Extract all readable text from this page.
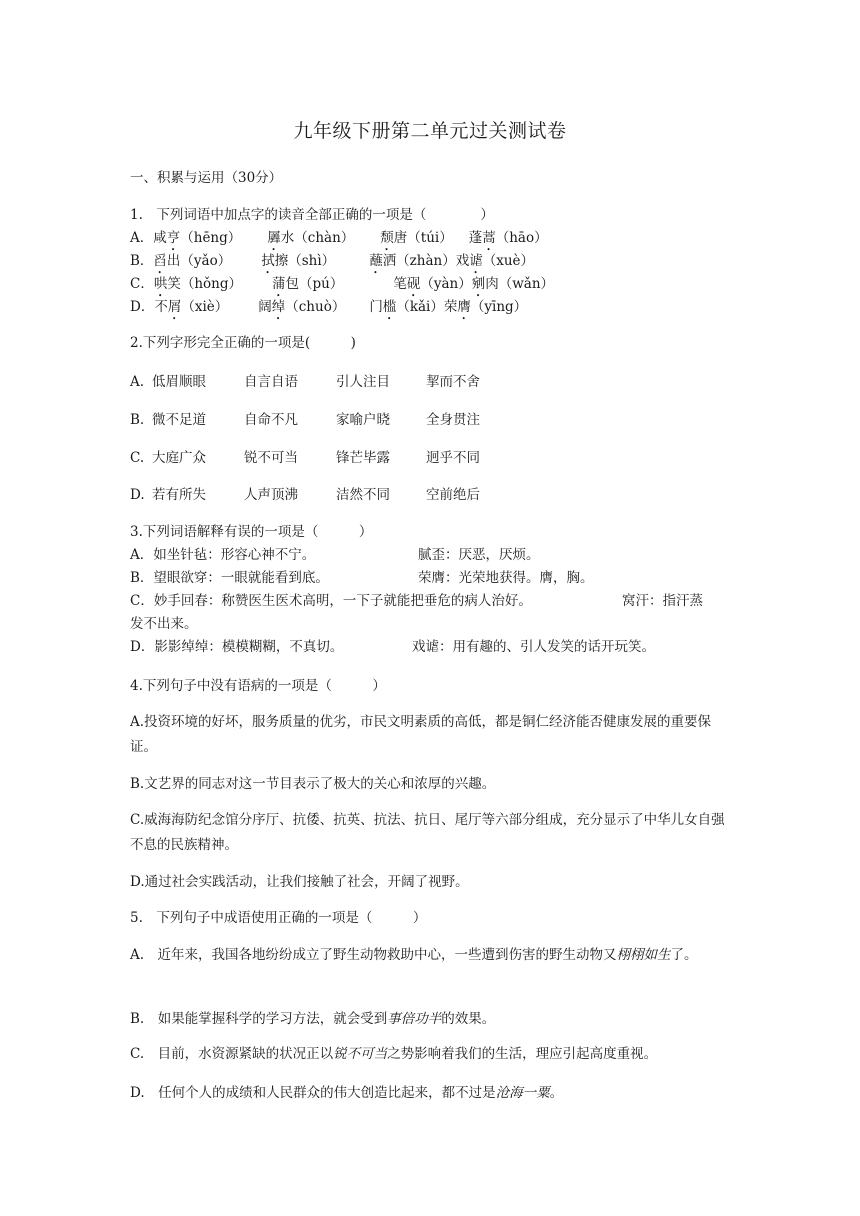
九年级下册第二单元过关测试卷
一、积累与运用（30分）
1.　下列词语中加点字的读音全部正确的一项是（　　　　）
A．咸亨（hēng） 羼水（chàn） 颓唐（túi） 蓬蒿（hāo）
B．舀出（yǎo） 拭擦（shì）	蘸洒（zhàn）戏谑（xuè）
C．哄笑（hǒng） 蒲包（pú）	笔砚（yàn）剜肉（wǎn）
D．不屑（xiè） 阔绰（chuò） 门槛（kǎi）荣膺（yīng）
2.下列字形完全正确的一项是(　　　)
A. 低眉顺眼	自言自语	引人注目	挈而不舍
B. 微不足道	自命不凡	家喻户晓	全身贯注
C. 大庭广众	锐不可当	锋芒毕露	迥乎不同
D. 若有所失	人声顶沸	洁然不同	空前绝后
3.下列词语解释有误的一项是（　　　）
A．如坐针毡：形容心神不宁。	腻歪：厌恶，厌烦。
B．望眼欲穿：一眼就能看到底。	荣膺：光荣地获得。膺，胸。
C．妙手回春：称赞医生医术高明，一下子就能把垂危的病人治好。	窝汗：指汗蒸
发不出来。
D．影影绰绰：模模糊糊，不真切。	戏谑：用有趣的、引人发笑的话开玩笑。
4.下列句子中没有语病的一项是（　　　）
A.投资环境的好坏，服务质量的优劣，市民文明素质的高低，都是铜仁经济能否健康发展的重要保证。
B.文艺界的同志对这一节目表示了极大的关心和浓厚的兴趣。
C.威海海防纪念馆分序厅、抗倭、抗英、抗法、抗日、尾厅等六部分组成，充分显示了中华儿女自强不息的民族精神。
D.通过社会实践活动，让我们接触了社会，开阔了视野。
5.　下列句子中成语使用正确的一项是（　　　）
A.　近年来，我国各地纷纷成立了野生动物救助中心，一些遭到伤害的野生动物又栩栩如生了。
B.　如果能掌握科学的学习方法，就会受到事倍功半的效果。
C.　目前，水资源紧缺的状况正以锐不可当之势影响着我们的生活，理应引起高度重视。
D.　任何个人的成绩和人民群众的伟大创造比起来，都不过是沧海一粟。
